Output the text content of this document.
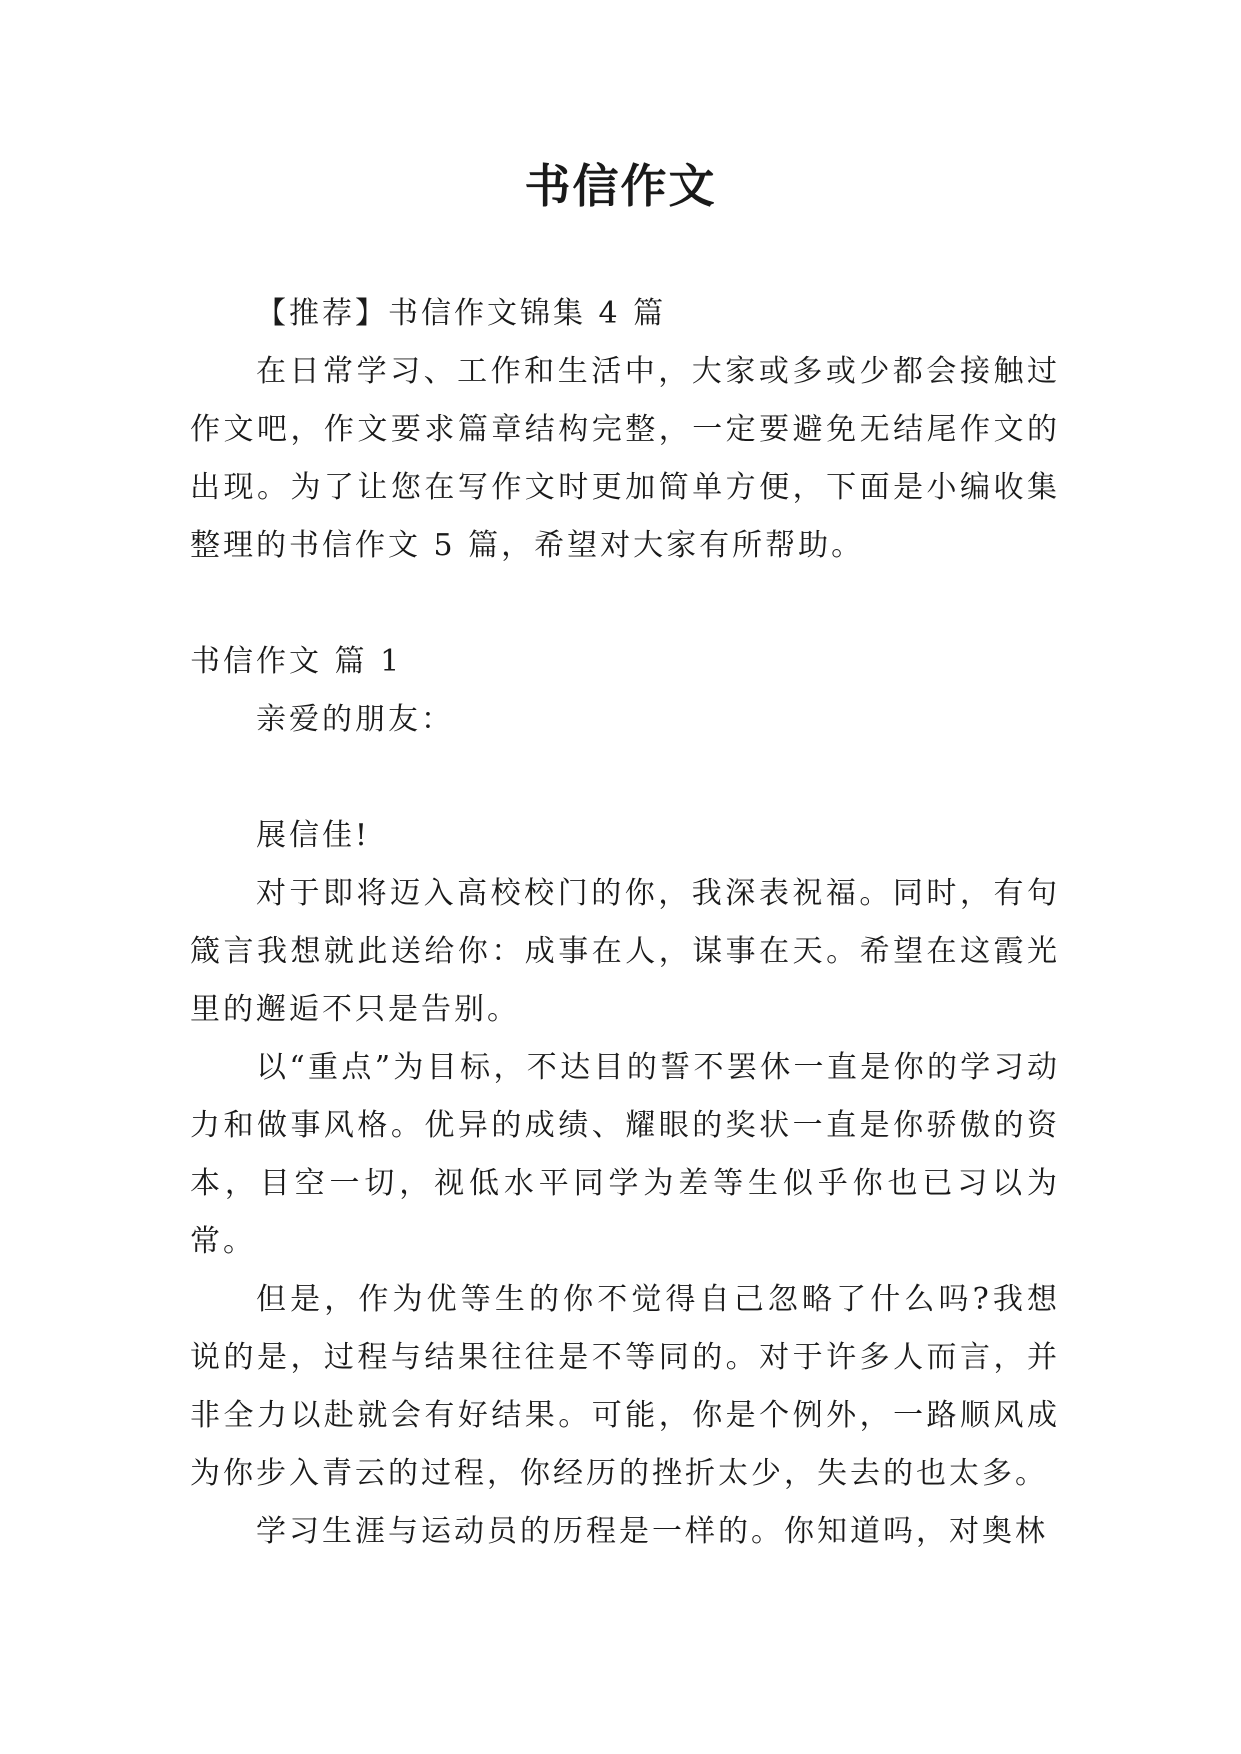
书信作文

【推荐】书信作文锦集 4 篇

在日常学习、工作和生活中，大家或多或少都会接触过作文吧，作文要求篇章结构完整，一定要避免无结尾作文的出现。为了让您在写作文时更加简单方便，下面是小编收集整理的书信作文 5 篇，希望对大家有所帮助。

书信作文 篇 1

亲爱的朋友：

展信佳!

对于即将迈入高校校门的你，我深表祝福。同时，有句箴言我想就此送给你：成事在人，谋事在天。希望在这霞光里的邂逅不只是告别。

以“重点”为目标，不达目的誓不罢休一直是你的学习动力和做事风格。优异的成绩、耀眼的奖状一直是你骄傲的资本，目空一切，视低水平同学为差等生似乎你也已习以为常。

但是，作为优等生的你不觉得自己忽略了什么吗?我想说的是，过程与结果往往是不等同的。对于许多人而言，并非全力以赴就会有好结果。可能，你是个例外，一路顺风成为你步入青云的过程，你经历的挫折太少，失去的也太多。

学习生涯与运动员的历程是一样的。你知道吗，对奥林
